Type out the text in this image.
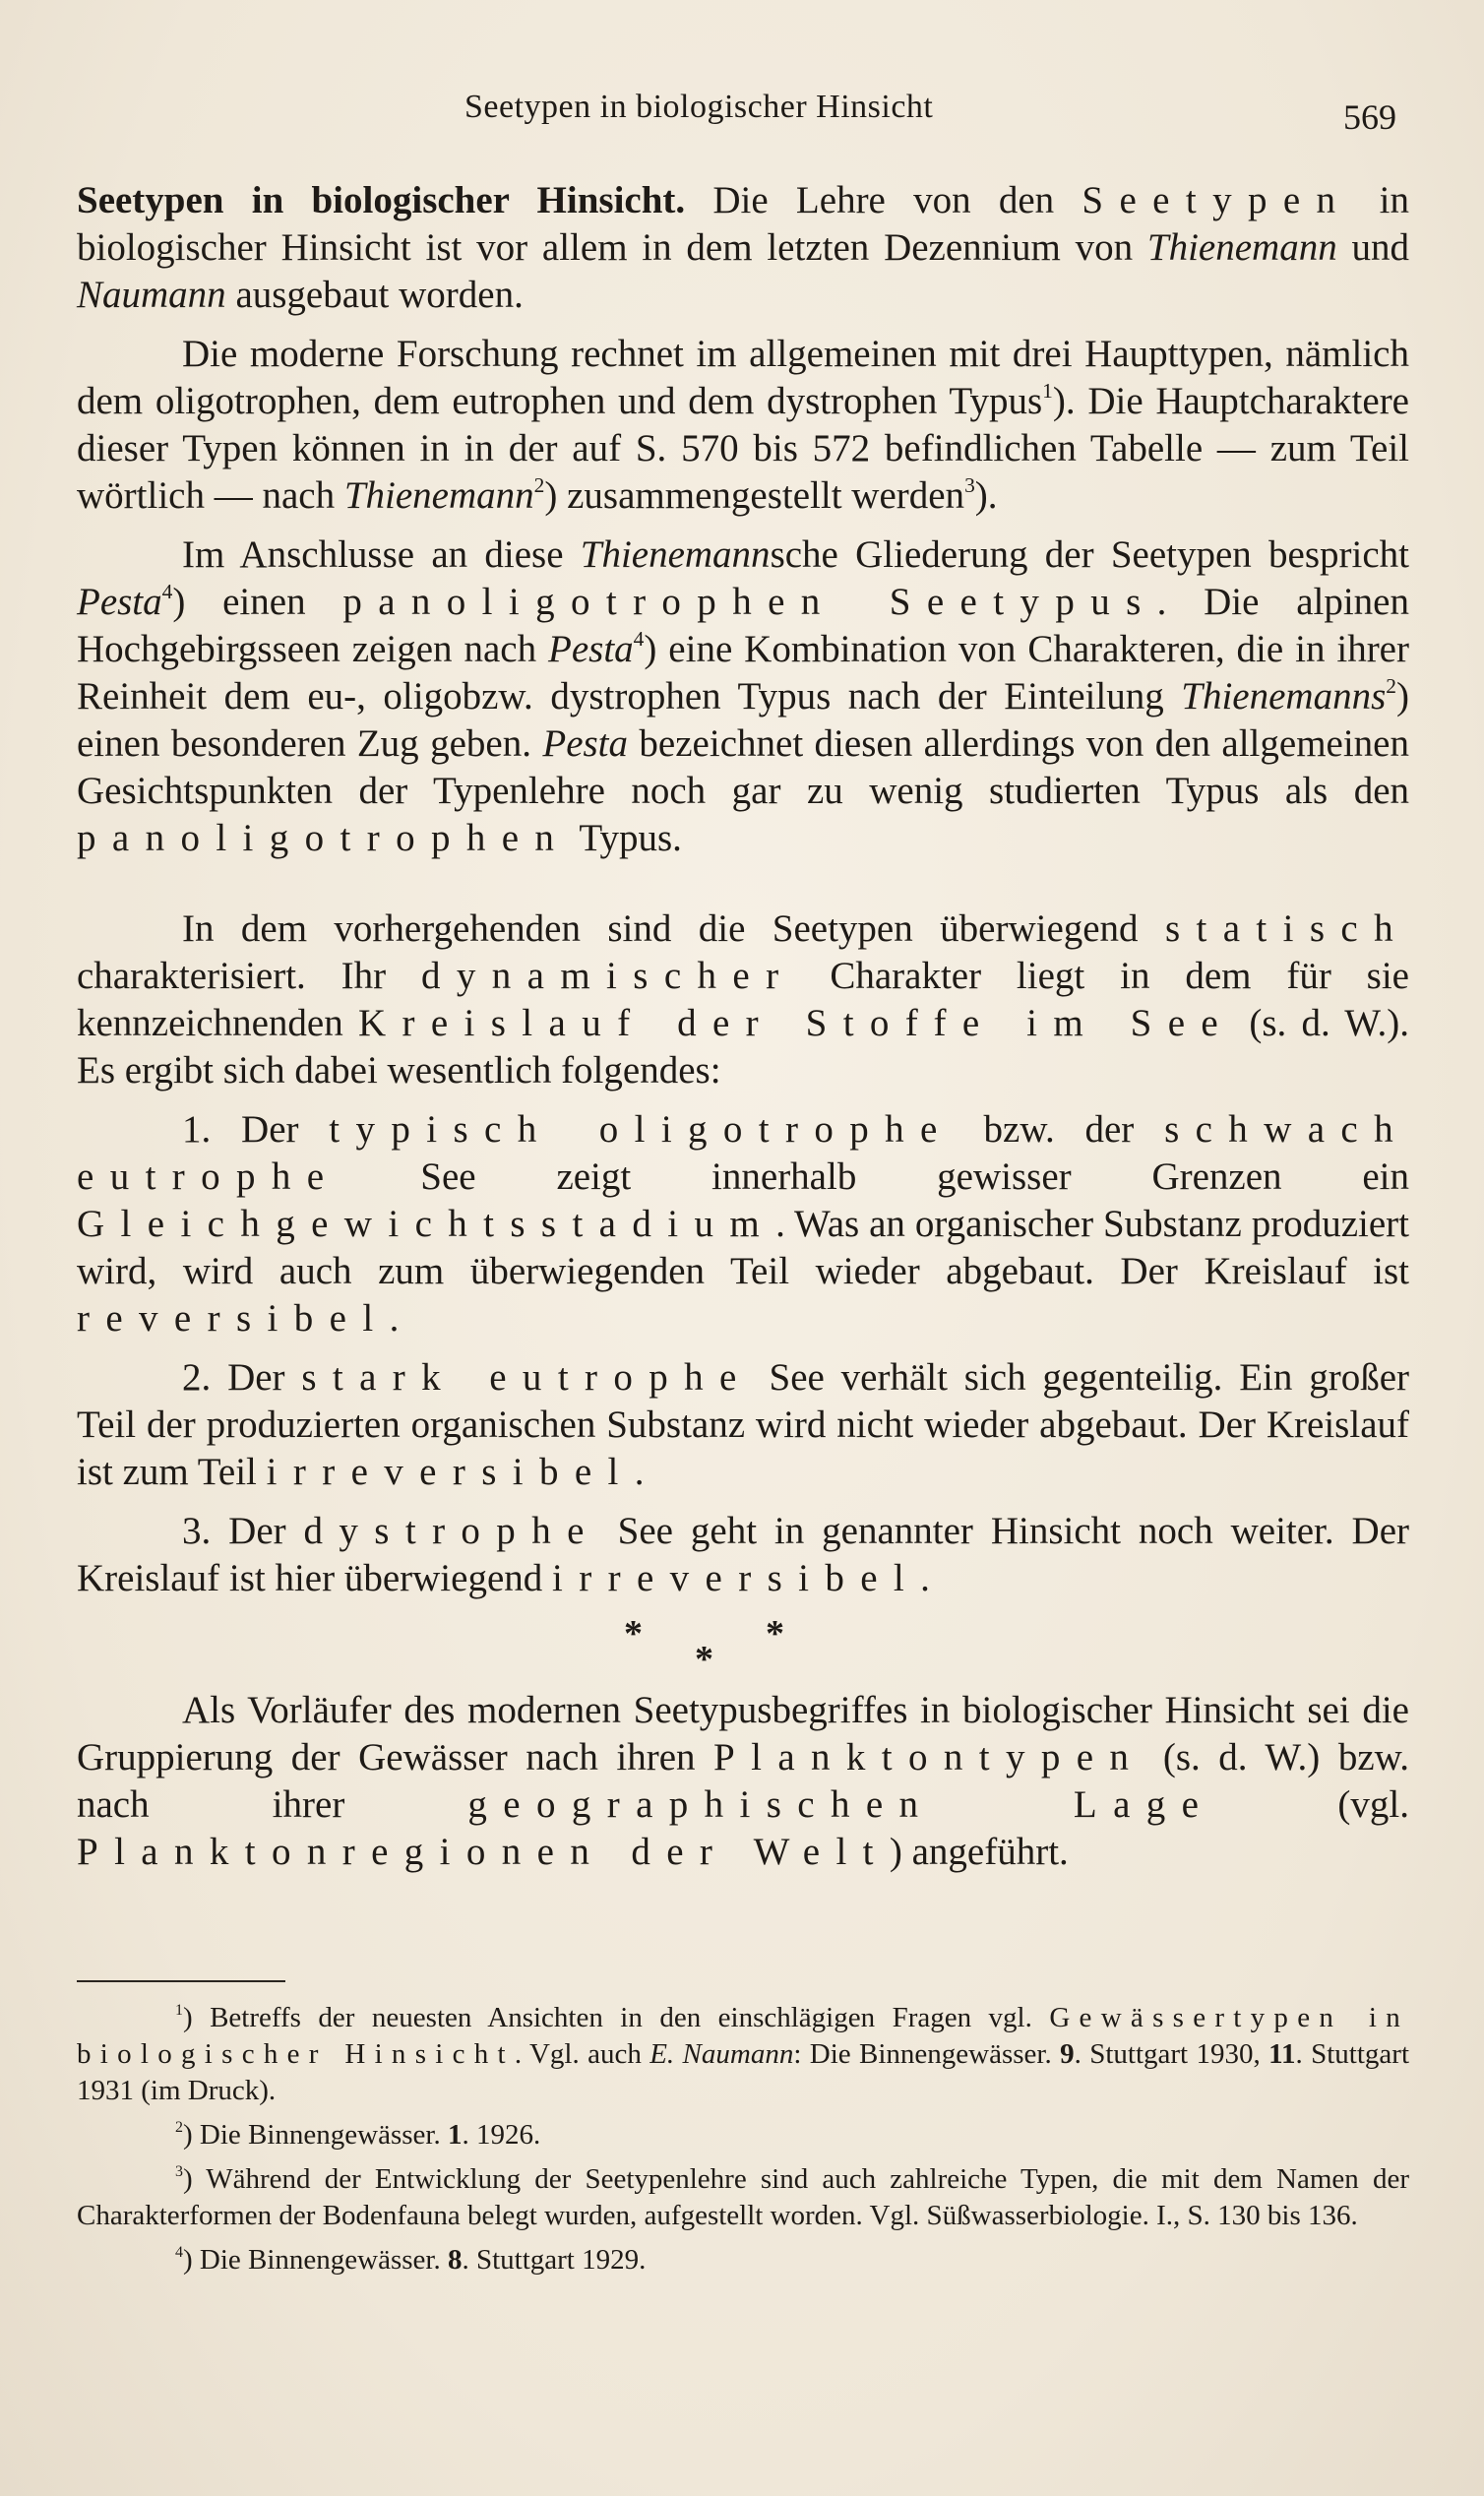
Seetypen in biologischer Hinsicht	569

Seetypen in biologischer Hinsicht. Die Lehre von den Seetypen in biologischer Hinsicht ist vor allem in dem letzten Dezennium von Thienemann und Naumann ausgebaut worden.

Die moderne Forschung rechnet im allgemeinen mit drei Haupttypen, nämlich dem oligotrophen, dem eutrophen und dem dystrophen Typus$^1$). Die Hauptcharaktere dieser Typen können in in der auf S. 570 bis 572 befindlichen Tabelle — zum Teil wörtlich — nach Thienemann$^2$) zusammengestellt werden$^3$).

Im Anschlusse an diese Thienemannsche Gliederung der Seetypen bespricht Pesta$^4$) einen panoligotrophen Seetypus. Die alpinen Hochgebirgsseen zeigen nach Pesta$^4$) eine Kombination von Charakteren, die in ihrer Reinheit dem eu-, oligobzw. dystrophen Typus nach der Einteilung Thienemanns$^2$) einen besonderen Zug geben. Pesta bezeichnet diesen allerdings von den allgemeinen Gesichtspunkten der Typenlehre noch gar zu wenig studierten Typus als den panoligotrophen Typus.

In dem vorhergehenden sind die Seetypen überwiegend statisch charakterisiert. Ihr dynamischer Charakter liegt in dem für sie kennzeichnenden Kreislauf der Stoffe im See (s. d. W.). Es ergibt sich dabei wesentlich folgendes:

1. Der typisch oligotrophe bzw. der schwach eutrophe See zeigt innerhalb gewisser Grenzen ein Gleichgewichtsstadium. Was an organischer Substanz produziert wird, wird auch zum überwiegenden Teil wieder abgebaut. Der Kreislauf ist reversibel.

2. Der stark eutrophe See verhält sich gegenteilig. Ein großer Teil der produzierten organischen Substanz wird nicht wieder abgebaut. Der Kreislauf ist zum Teil irreversibel.

3. Der dystrophe See geht in genannter Hinsicht noch weiter. Der Kreislauf ist hier überwiegend irreversibel.

*
*
*

Als Vorläufer des modernen Seetypusbegriffes in biologischer Hinsicht sei die Gruppierung der Gewässer nach ihren Planktontypen (s. d. W.) bzw. nach ihrer geographischen Lage (vgl. Planktonregionen der Welt) angeführt.

$^1$) Betreffs der neuesten Ansichten in den einschlägigen Fragen vgl. Gewässertypen in biologischer Hinsicht. Vgl. auch E. Naumann: Die Binnengewässer. 9. Stuttgart 1930, 11. Stuttgart 1931 (im Druck).

$^2$) Die Binnengewässer. 1. 1926.

$^3$) Während der Entwicklung der Seetypenlehre sind auch zahlreiche Typen, die mit dem Namen der Charakterformen der Bodenfauna belegt wurden, aufgestellt worden. Vgl. Süßwasserbiologie. I., S. 130 bis 136.

$^4$) Die Binnengewässer. 8. Stuttgart 1929.
